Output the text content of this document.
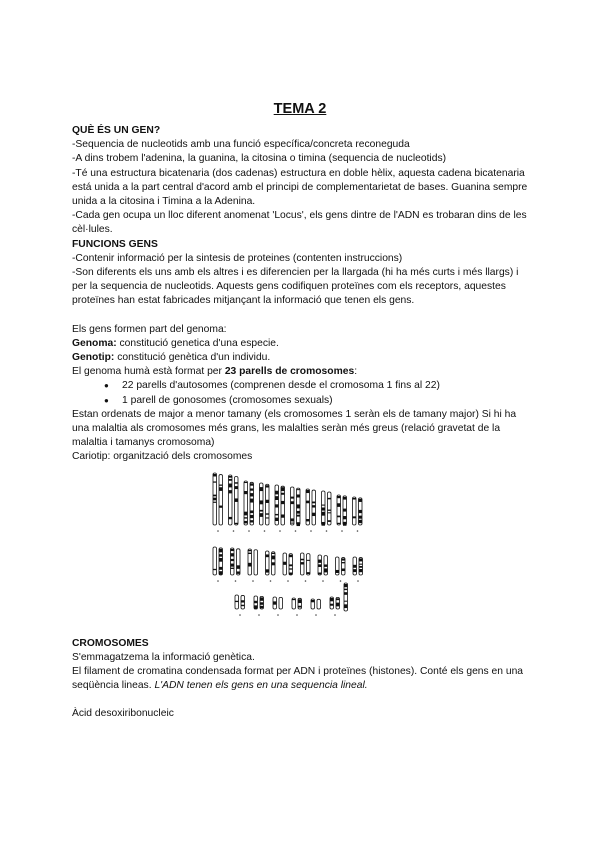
TEMA 2

QUÈ ÉS UN GEN?

-Sequencia de nucleotids amb una funció específica/concreta reconeguda

-A dins trobem l'adenina, la guanina, la citosina o timina (sequencia de nucleotids)

-Té una estructura bicatenaria (dos cadenas) estructura en doble hèlix, aquesta cadena bicatenaria está unida a la part central d'acord amb el principi de complementarietat de bases. Guanina sempre unida a la citosina i Timina a la Adenina.

-Cada gen ocupa un lloc diferent anomenat 'Locus', els gens dintre de l'ADN es trobaran dins de les cèl·lules.

FUNCIONS GENS

-Contenir informació per la sintesis de proteines (contenten instruccions)

-Son diferents els uns amb els altres i es diferencien per la llargada (hi ha més curts i més llargs) i per la sequencia de nucleotids. Aquests gens codifiquen proteïnes com els receptors, aquestes proteïnes han estat fabricades mitjançant la informació que tenen els gens.

Els gens formen part del genoma:

Genoma: constitució genetica d'una especie.

Genotip: constitució genètica d'un individu.

El genoma humà està format per 23 parells de cromosomes:

● 22 parells d'autosomes (comprenen desde el cromosoma 1 fins al 22)
● 1 parell de gonosomes (cromosomes sexuals)

Estan ordenats de major a menor tamany (els cromosomes 1 seràn els de tamany major) Si hi ha una malaltia als cromosomes més grans, les malalties seràn més greus (relació gravetat de la malaltia i tamanys cromosoma)

Cariotip: organització dels cromosomes

CROMOSOMES

S'emmagatzema la informació genètica.

El filament de cromatina condensada format per ADN i proteïnes (histones). Conté els gens en una seqüència lineas. L'ADN tenen els gens en una sequencia lineal.

Àcid desoxiribonucleic
